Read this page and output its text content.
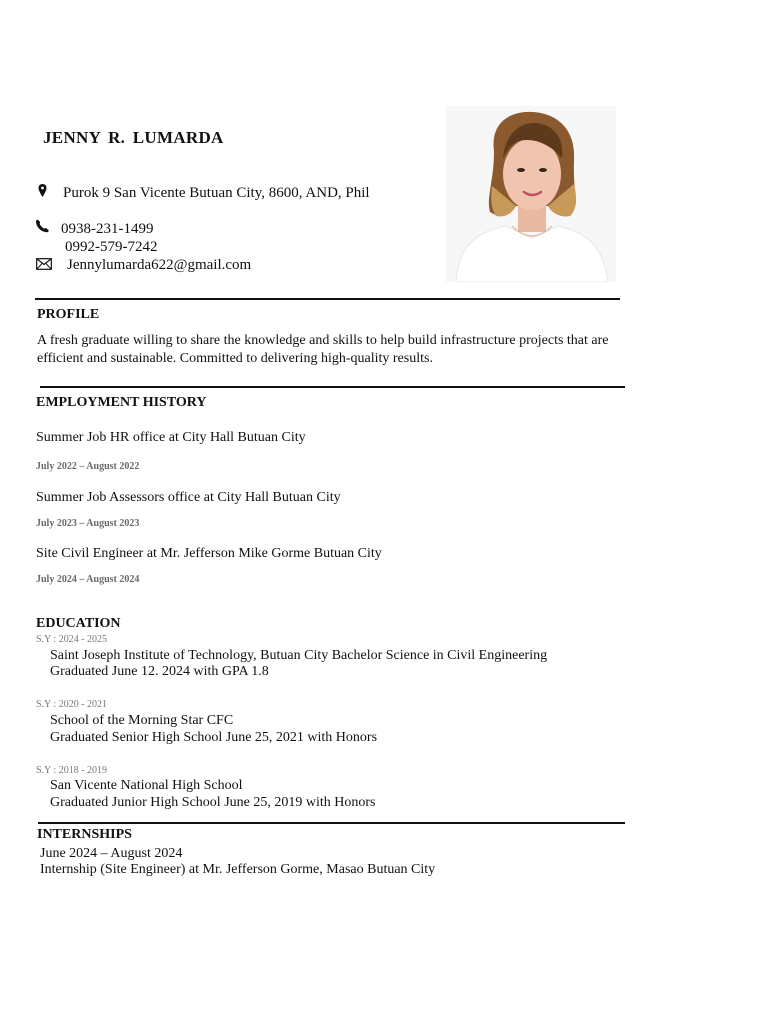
JENNY R. LUMARDA
Purok 9 San Vicente Butuan City, 8600, AND, Phil
0938-231-1499
0992-579-7242
Jennylumarda622@gmail.com
PROFILE
A fresh graduate willing to share the knowledge and skills to help build infrastructure projects that are
efficient and sustainable. Committed to delivering high-quality results.
EMPLOYMENT HISTORY
Summer Job HR office at City Hall Butuan City
July 2022 – August 2022
Summer Job Assessors office at City Hall Butuan City
July 2023 – August 2023
Site Civil Engineer at Mr. Jefferson Mike Gorme Butuan City
July 2024 – August 2024
EDUCATION
S.Y : 2024 - 2025
Saint Joseph Institute of Technology, Butuan City Bachelor Science in Civil Engineering
Graduated June 12. 2024 with GPA 1.8
S.Y : 2020 - 2021
School of the Morning Star CFC
Graduated Senior High School June 25, 2021 with Honors
S.Y : 2018 - 2019
San Vicente National High School
Graduated Junior High School June 25, 2019 with Honors
INTERNSHIPS
June 2024 – August 2024
Internship (Site Engineer) at Mr. Jefferson Gorme, Masao Butuan City
